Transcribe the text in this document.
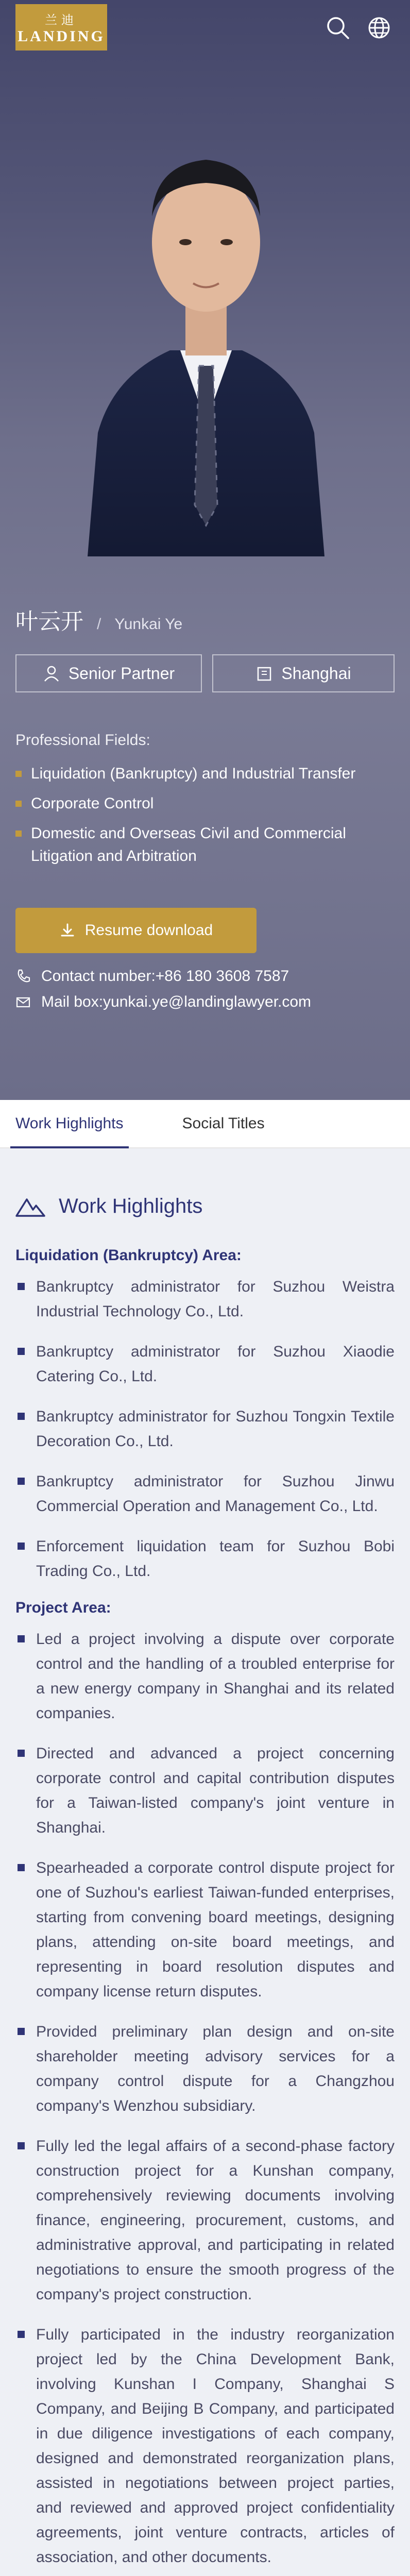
兰迪
LANDING
叶云开 / Yunkai Ye
Senior Partner	Shanghai
Professional Fields:
Liquidation (Bankruptcy) and Industrial Transfer
Corporate Control
Domestic and Overseas Civil and Commercial Litigation and Arbitration
Resume download
Contact number:+86 180 3608 7587
Mail box:yunkai.ye@landinglawyer.com
Work Highlights	Social Titles
Work Highlights
Liquidation (Bankruptcy) Area:
Bankruptcy administrator for Suzhou Weistra Industrial Technology Co., Ltd.
Bankruptcy administrator for Suzhou Xiaodie Catering Co., Ltd.
Bankruptcy administrator for Suzhou Tongxin Textile Decoration Co., Ltd.
Bankruptcy administrator for Suzhou Jinwu Commercial Operation and Management Co., Ltd.
Enforcement liquidation team for Suzhou Bobi Trading Co., Ltd.
Project Area:
Led a project involving a dispute over corporate control and the handling of a troubled enterprise for a new energy company in Shanghai and its related companies.
Directed and advanced a project concerning corporate control and capital contribution disputes for a Taiwan-listed company's joint venture in Shanghai.
Spearheaded a corporate control dispute project for one of Suzhou's earliest Taiwan-funded enterprises, starting from convening board meetings, designing plans, attending on-site board meetings, and representing in board resolution disputes and company license return disputes.
Provided preliminary plan design and on-site shareholder meeting advisory services for a company control dispute for a Changzhou company's Wenzhou subsidiary.
Fully led the legal affairs of a second-phase factory construction project for a Kunshan company, comprehensively reviewing documents involving finance, engineering, procurement, customs, and administrative approval, and participating in related negotiations to ensure the smooth progress of the company's project construction.
Fully participated in the industry reorganization project led by the China Development Bank, involving Kunshan I Company, Shanghai S Company, and Beijing B Company, and participated in due diligence investigations of each company, designed and demonstrated reorganization plans, assisted in negotiations between project parties, and reviewed and approved project confidentiality agreements, joint venture contracts, articles of association, and other documents.
